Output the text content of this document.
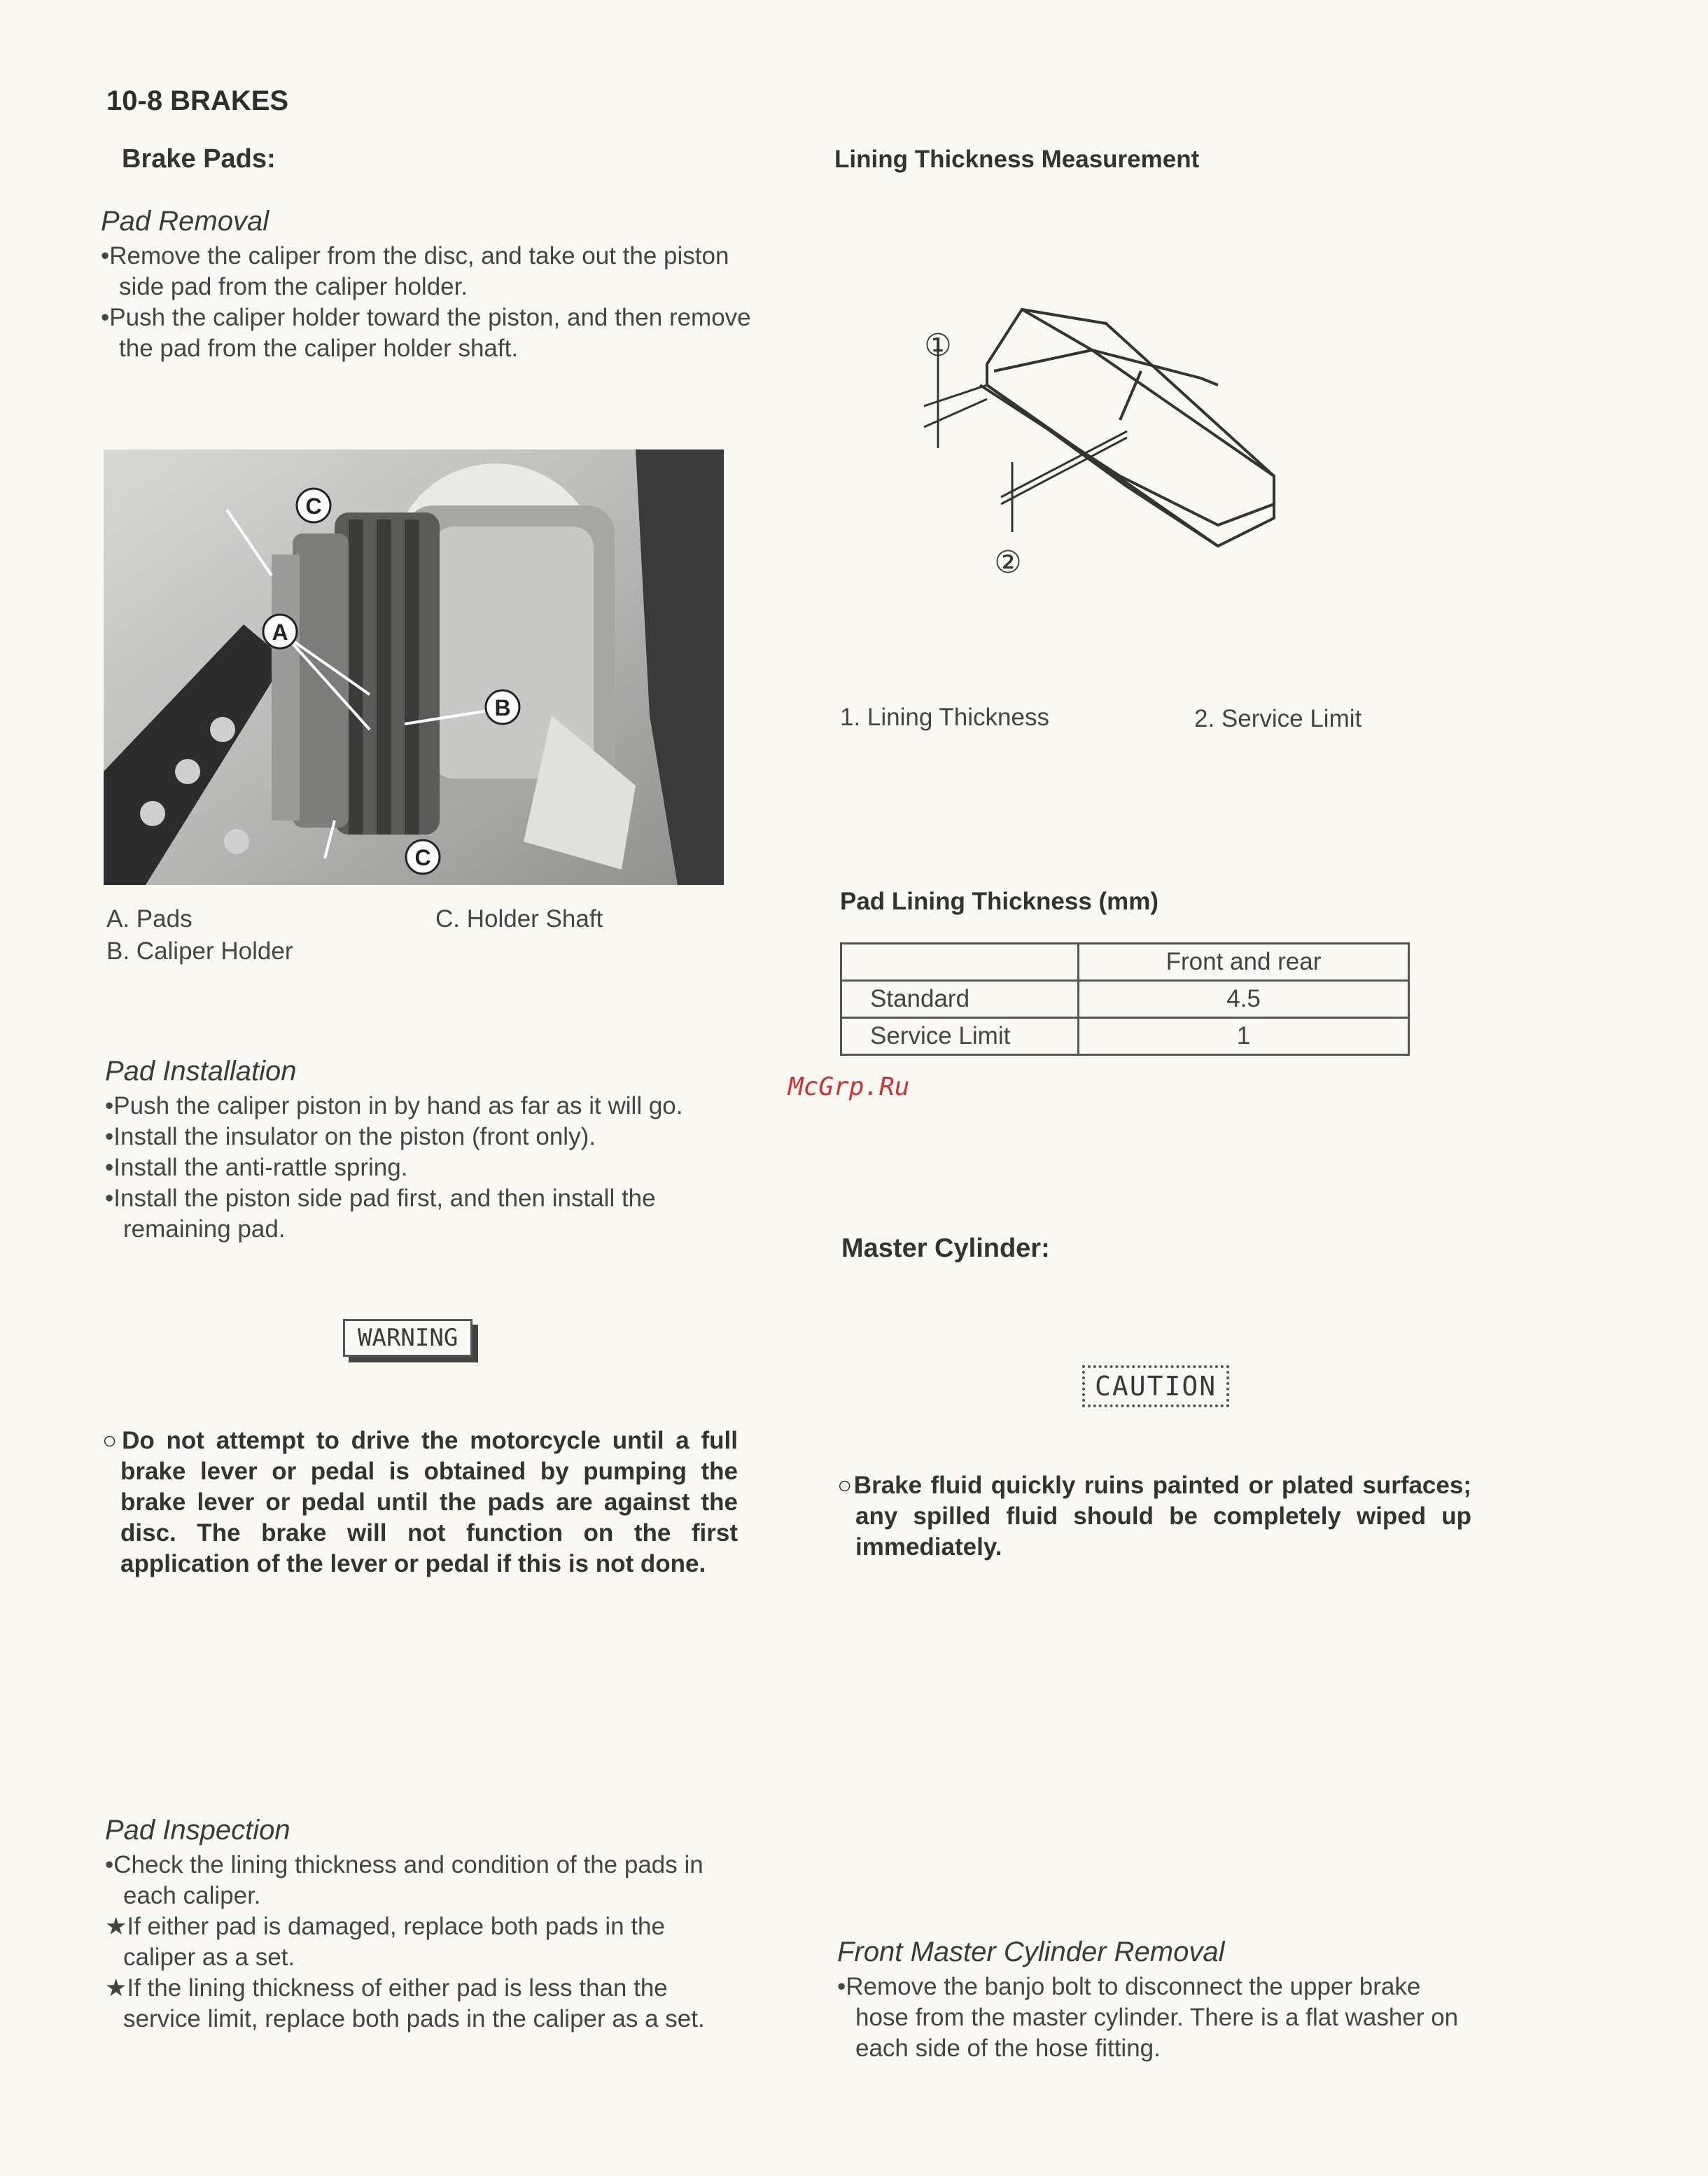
10-8 BRAKES
Brake Pads:
Pad Removal

•Remove the caliper from the disc, and take out the piston side pad from the caliper holder.

•Push the caliper holder toward the piston, and then remove the pad from the caliper holder shaft.

A
B
C
C
A. Pads
B. Caliper Holder
C. Holder Shaft
Pad Installation

•Push the caliper piston in by hand as far as it will go.

•Install the insulator on the piston (front only).

•Install the anti-rattle spring.

•Install the piston side pad first, and then install the remaining pad.

WARNING

○Do not attempt to drive the motorcycle until a full brake lever or pedal is obtained by pumping the brake lever or pedal until the pads are against the disc. The brake will not function on the first application of the lever or pedal if this is not done.

Pad Inspection

•Check the lining thickness and condition of the pads in each caliper.

★If either pad is damaged, replace both pads in the caliper as a set.

★If the lining thickness of either pad is less than the service limit, replace both pads in the caliper as a set.

Lining Thickness Measurement
①
②
1. Lining Thickness	2. Service Limit
Pad Lining Thickness (mm)
	Front and rear
Standard	4.5
Service Limit	1
McGrp.Ru
Master Cylinder:
CAUTION

○Brake fluid quickly ruins painted or plated surfaces; any spilled fluid should be completely wiped up immediately.

Front Master Cylinder Removal

•Remove the banjo bolt to disconnect the upper brake hose from the master cylinder. There is a flat washer on each side of the hose fitting.
